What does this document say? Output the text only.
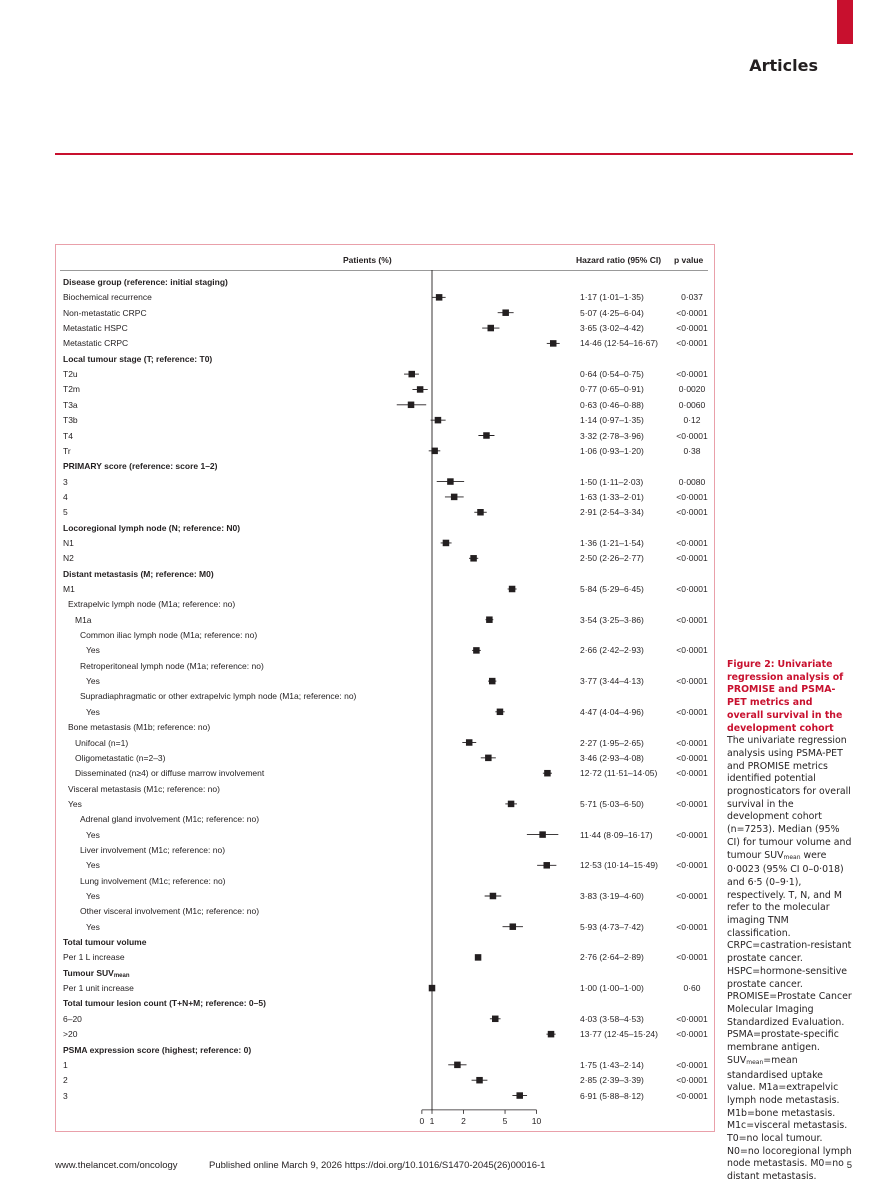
Articles
Patients (%)	Hazard ratio (95% CI) p value
Disease group (reference: initial staging)
Biochemical recurrence	1·17 (1·01–1·35)	0·037
Non-metastatic CRPC	5·07 (4·25–6·04)	<0·0001
Metastatic HSPC	3·65 (3·02–4·42)	<0·0001
Metastatic CRPC	14·46 (12·54–16·67)	<0·0001
Local tumour stage (T; reference: T0)
T2u	0·64 (0·54–0·75)	<0·0001
T2m	0·77 (0·65–0·91)	0·0020
T3a	0·63 (0·46–0·88)	0·0060
T3b	1·14 (0·97–1·35)	0·12
T4	3·32 (2·78–3·96)	<0·0001
Tr	1·06 (0·93–1·20)	0·38
PRIMARY score (reference: score 1–2)
3	1·50 (1·11–2·03)	0·0080
4	1·63 (1·33–2·01)	<0·0001
5	2·91 (2·54–3·34)	<0·0001
Locoregional lymph node (N; reference: N0)
N1	1·36 (1·21–1·54)	<0·0001
N2	2·50 (2·26–2·77)	<0·0001
Distant metastasis (M; reference: M0)
M1	5·84 (5·29–6·45)	<0·0001
Extrapelvic lymph node (M1a; reference: no)
M1a	3·54 (3·25–3·86)	<0·0001
Common iliac lymph node (M1a; reference: no)
Yes	2·66 (2·42–2·93)	<0·0001
Retroperitoneal lymph node (M1a; reference: no)
Yes	3·77 (3·44–4·13)	<0·0001
Supradiaphragmatic or other extrapelvic lymph node (M1a; reference: no)
Yes	4·47 (4·04–4·96)	<0·0001
Bone metastasis (M1b; reference: no)
Unifocal (n=1)	2·27 (1·95–2·65)	<0·0001
Oligometastatic (n=2–3)	3·46 (2·93–4·08)	<0·0001
Disseminated (n≥4) or diffuse marrow involvement	12·72 (11·51–14·05)	<0·0001
Visceral metastasis (M1c; reference: no)
Yes	5·71 (5·03–6·50)	<0·0001
Adrenal gland involvement (M1c; reference: no)
Yes	11·44 (8·09–16·17)	<0·0001
Liver involvement (M1c; reference: no)
Yes	12·53 (10·14–15·49)	<0·0001
Lung involvement (M1c; reference: no)
Yes	3·83 (3·19–4·60)	<0·0001
Other visceral involvement (M1c; reference: no)
Yes	5·93 (4·73–7·42)	<0·0001
Total tumour volume
Per 1 L increase	2·76 (2·64–2·89)	<0·0001
Tumour $SUV_{mean}$
Per 1 unit increase	1·00 (1·00–1·00)	0·60
Total tumour lesion count (T+N+M; reference: 0–5)
6–20	4·03 (3·58–4·53)	<0·0001
>20	13·77 (12·45–15·24)	<0·0001
PSMA expression score (highest; reference: 0)
1	1·75 (1·43–2·14)	<0·0001
2	2·85 (2·39–3·39)	<0·0001
3	6·91 (5·88–8·12)	<0·0001
0 1	2	5	10
Figure 2: Univariate regression analysis of PROMISE and PSMA-PET metrics and overall survival in the development cohort
The univariate regression analysis using PSMA-PET and PROMISE metrics identified potential prognosticators for overall survival in the development cohort (n=7253). Median (95% CI) for tumour volume and tumour $SUV_{mean}$ were 0·0023 (95% CI 0–0·018) and 6·5 (0–9·1), respectively. T, N, and M refer to the molecular imaging TNM classification. CRPC=castration-resistant prostate cancer. HSPC=hormone-sensitive prostate cancer. PROMISE=Prostate Cancer Molecular Imaging Standardized Evaluation. PSMA=prostate-specific membrane antigen. $SUV_{mean}=mean$ standardised uptake value. M1a=extrapelvic lymph node metastasis. M1b=bone metastasis. M1c=visceral metastasis. T0=no local tumour. N0=no locoregional lymph node metastasis. M0=no distant metastasis.
www.thelancet.com/oncology	Published online March 9, 2026 https://doi.org/10.1016/S1470-2045(26)00016-1	5
